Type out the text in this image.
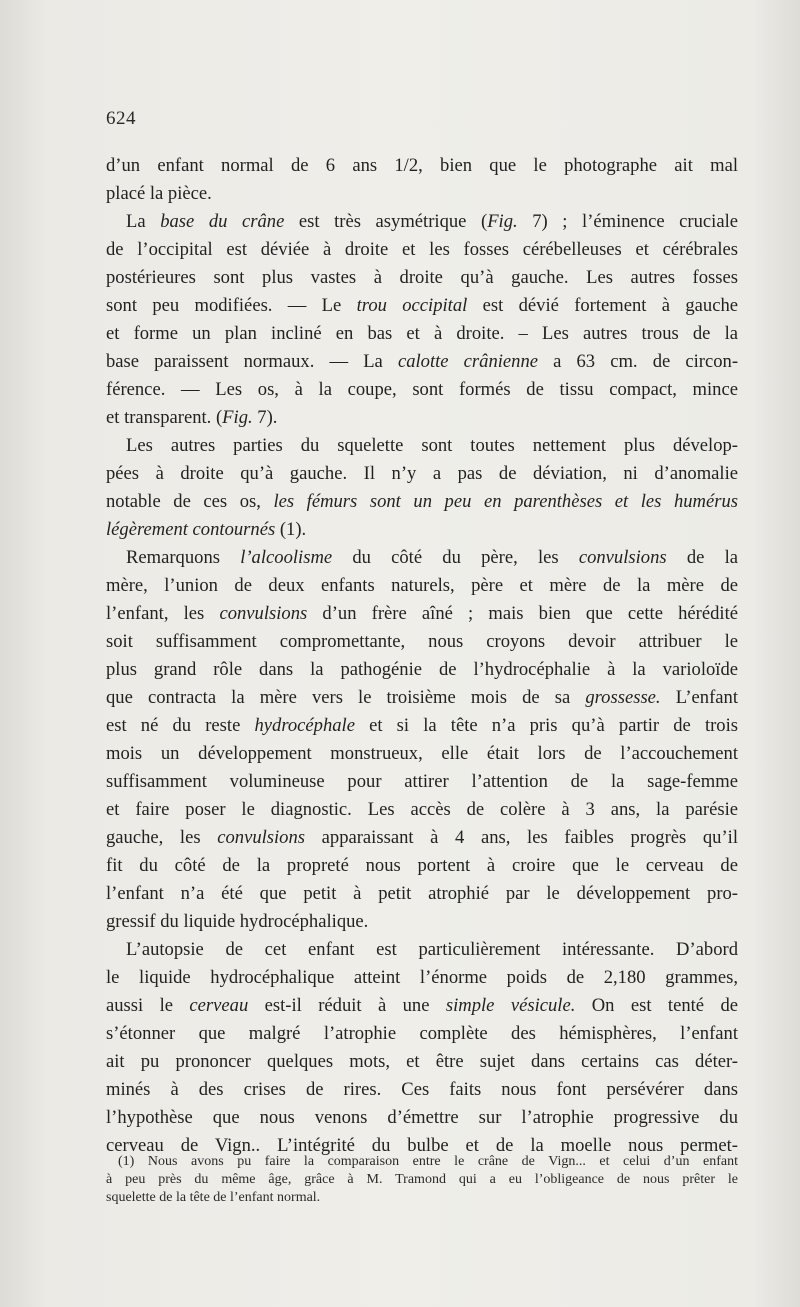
624
d’un enfant normal de 6 ans 1/2, bien que le photographe ait mal
placé la pièce.
La base du crâne est très asymétrique (Fig. 7) ; l’éminence cruciale
de l’occipital est déviée à droite et les fosses cérébelleuses et cérébrales
postérieures sont plus vastes à droite qu’à gauche. Les autres fosses
sont peu modifiées. — Le trou occipital est dévié fortement à gauche
et forme un plan incliné en bas et à droite. – Les autres trous de la
base paraissent normaux. — La calotte crânienne a 63 cm. de circon-
férence. — Les os, à la coupe, sont formés de tissu compact, mince
et transparent. (Fig. 7).
Les autres parties du squelette sont toutes nettement plus dévelop-
pées à droite qu’à gauche. Il n’y a pas de déviation, ni d’anomalie
notable de ces os, les fémurs sont un peu en parenthèses et les humérus
légèrement contournés (1).
Remarquons l’alcoolisme du côté du père, les convulsions de la
mère, l’union de deux enfants naturels, père et mère de la mère de
l’enfant, les convulsions d’un frère aîné ; mais bien que cette hérédité
soit suffisamment compromettante, nous croyons devoir attribuer le
plus grand rôle dans la pathogénie de l’hydrocéphalie à la varioloïde
que contracta la mère vers le troisième mois de sa grossesse. L’enfant
est né du reste hydrocéphale et si la tête n’a pris qu’à partir de trois
mois un développement monstrueux, elle était lors de l’accouchement
suffisamment volumineuse pour attirer l’attention de la sage-femme
et faire poser le diagnostic. Les accès de colère à 3 ans, la parésie
gauche, les convulsions apparaissant à 4 ans, les faibles progrès qu’il
fit du côté de la propreté nous portent à croire que le cerveau de
l’enfant n’a été que petit à petit atrophié par le développement pro-
gressif du liquide hydrocéphalique.
L’autopsie de cet enfant est particulièrement intéressante. D’abord
le liquide hydrocéphalique atteint l’énorme poids de 2,180 grammes,
aussi le cerveau est-il réduit à une simple vésicule. On est tenté de
s’étonner que malgré l’atrophie complète des hémisphères, l’enfant
ait pu prononcer quelques mots, et être sujet dans certains cas déter-
minés à des crises de rires. Ces faits nous font persévérer dans
l’hypothèse que nous venons d’émettre sur l’atrophie progressive du
cerveau de Vign.. L’intégrité du bulbe et de la moelle nous permet-
(1) Nous avons pu faire la comparaison entre le crâne de Vign... et celui d’un enfant
à peu près du même âge, grâce à M. Tramond qui a eu l’obligeance de nous prêter le
squelette de la tête de l’enfant normal.
